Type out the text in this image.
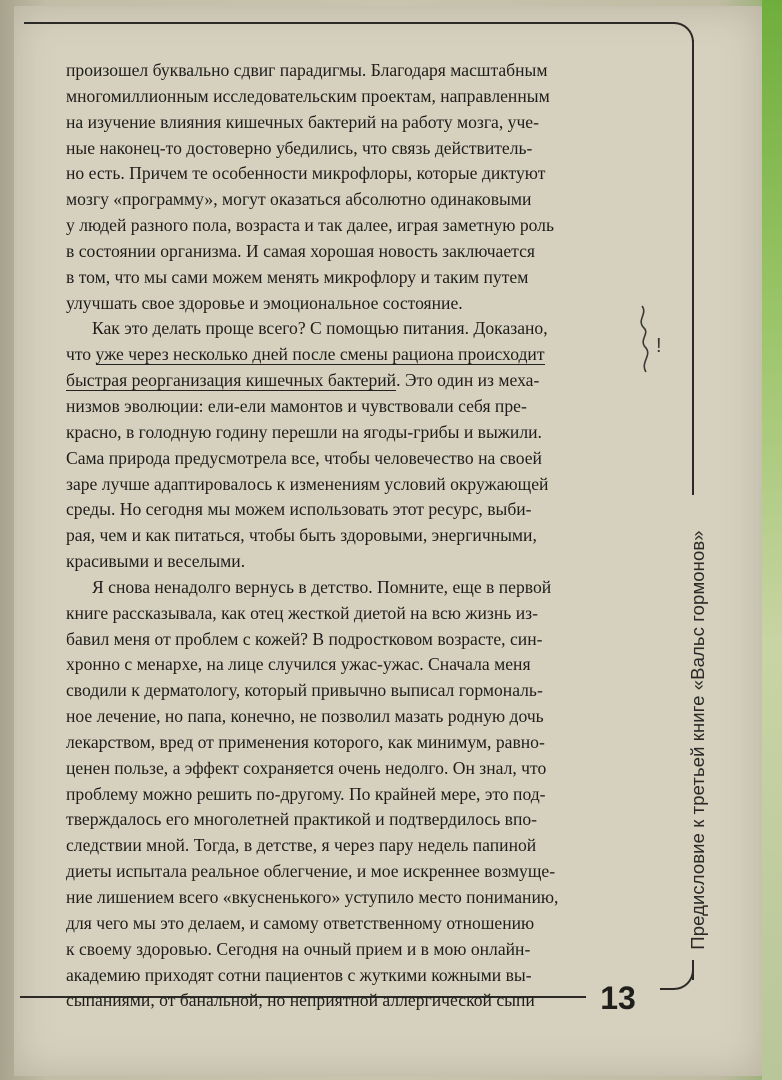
Предисловие к третьей книге «Вальс гормонов»
13
!
произошел буквально сдвиг парадигмы. Благодаря масштабным
многомиллионным исследовательским проектам, направленным
на изучение влияния кишечных бактерий на работу мозга, уче-
ные наконец-то достоверно убедились, что связь действитель-
но есть. Причем те особенности микрофлоры, которые диктуют
мозгу «программу», могут оказаться абсолютно одинаковыми
у людей разного пола, возраста и так далее, играя заметную роль
в состоянии организма. И самая хорошая новость заключается
в том, что мы сами можем менять микрофлору и таким путем
улучшать свое здоровье и эмоциональное состояние.
Как это делать проще всего? С помощью питания. Доказано,
что уже через несколько дней после смены рациона происходит
быстрая реорганизация кишечных бактерий. Это один из меха-
низмов эволюции: ели-ели мамонтов и чувствовали себя пре-
красно, в голодную годину перешли на ягоды-грибы и выжили.
Сама природа предусмотрела все, чтобы человечество на своей
заре лучше адаптировалось к изменениям условий окружающей
среды. Но сегодня мы можем использовать этот ресурс, выби-
рая, чем и как питаться, чтобы быть здоровыми, энергичными,
красивыми и веселыми.
Я снова ненадолго вернусь в детство. Помните, еще в первой
книге рассказывала, как отец жесткой диетой на всю жизнь из-
бавил меня от проблем с кожей? В подростковом возрасте, син-
хронно с менархе, на лице случился ужас-ужас. Сначала меня
сводили к дерматологу, который привычно выписал гормональ-
ное лечение, но папа, конечно, не позволил мазать родную дочь
лекарством, вред от применения которого, как минимум, равно-
ценен пользе, а эффект сохраняется очень недолго. Он знал, что
проблему можно решить по-другому. По крайней мере, это под-
тверждалось его многолетней практикой и подтвердилось впо-
следствии мной. Тогда, в детстве, я через пару недель папиной
диеты испытала реальное облегчение, и мое искреннее возмуще-
ние лишением всего «вкусненького» уступило место пониманию,
для чего мы это делаем, и самому ответственному отношению
к своему здоровью. Сегодня на очный прием и в мою онлайн-
академию приходят сотни пациентов с жуткими кожными вы-
сыпаниями, от банальной, но неприятной аллергической сыпи
